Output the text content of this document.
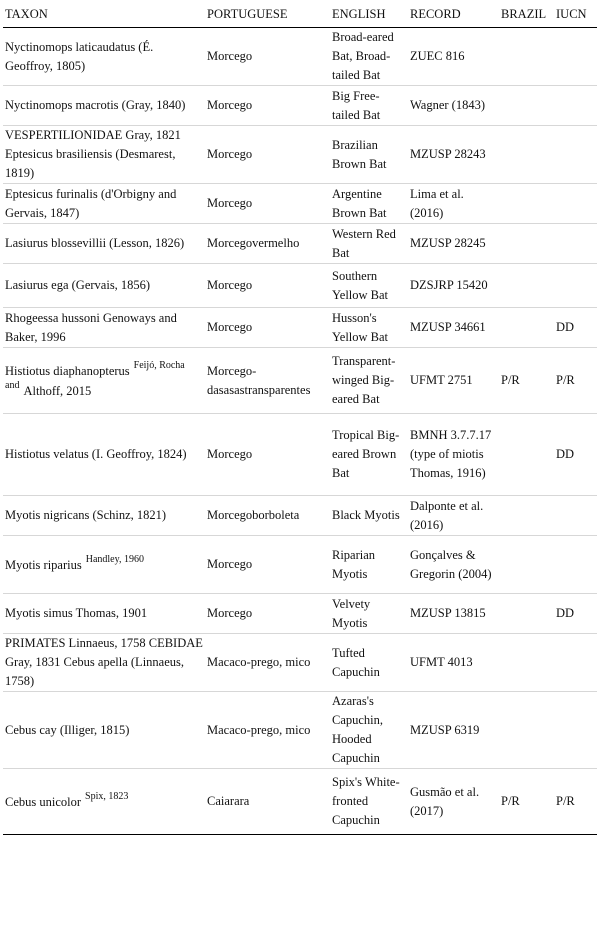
TAXON	PORTUGUESE	ENGLISH	RECORD	BRAZIL	IUCN
Nyctinomops laticaudatus (É. Geoffroy, 1805)	Morcego	Broad-eared Bat, Broad-tailed Bat	ZUEC 816		
Nyctinomops macrotis (Gray, 1840)	Morcego	Big Free-tailed Bat	Wagner (1843)		
VESPERTILIONIDAE Gray, 1821 Eptesicus brasiliensis (Desmarest, 1819)	Morcego	Brazilian Brown Bat	MZUSP 28243		
Eptesicus furinalis (d'Orbigny and Gervais, 1847)	Morcego	Argentine Brown Bat	Lima et al. (2016)		
Lasiurus blossevillii (Lesson, 1826)	Morcegovermelho	Western Red Bat	MZUSP 28245		
Lasiurus ega (Gervais, 1856)	Morcego	Southern Yellow Bat	DZSJRP 15420		
Rhogeessa hussoni Genoways and Baker, 1996	Morcego	Husson's Yellow Bat	MZUSP 34661		DD
Histiotus diaphanopterus $^{Feijó, Rocha and}$ Althoff, 2015	Morcego-dasasastransparentes	Transparent-winged Big-eared Bat	UFMT 2751	P/R	P/R
Histiotus velatus (I. Geoffroy, 1824)	Morcego	Tropical Big-eared Brown Bat	BMNH 3.7.7.17 (type of miotis Thomas, 1916)		DD
Myotis nigricans (Schinz, 1821)	Morcegoborboleta	Black Myotis	Dalponte et al. (2016)		
Myotis riparius $^{Handley, 1960}$	Morcego	Riparian Myotis	Gonçalves & Gregorin (2004)		
Myotis simus Thomas, 1901	Morcego	Velvety Myotis	MZUSP 13815		DD
PRIMATES Linnaeus, 1758 CEBIDAE Gray, 1831 Cebus apella (Linnaeus, 1758)	Macaco-prego, mico	Tufted Capuchin	UFMT 4013		
Cebus cay (Illiger, 1815)	Macaco-prego, mico	Azaras's Capuchin, Hooded Capuchin	MZUSP 6319		
Cebus unicolor $^{Spix, 1823}$	Caiarara	Spix's White-fronted Capuchin	Gusmão et al. (2017)	P/R	P/R
